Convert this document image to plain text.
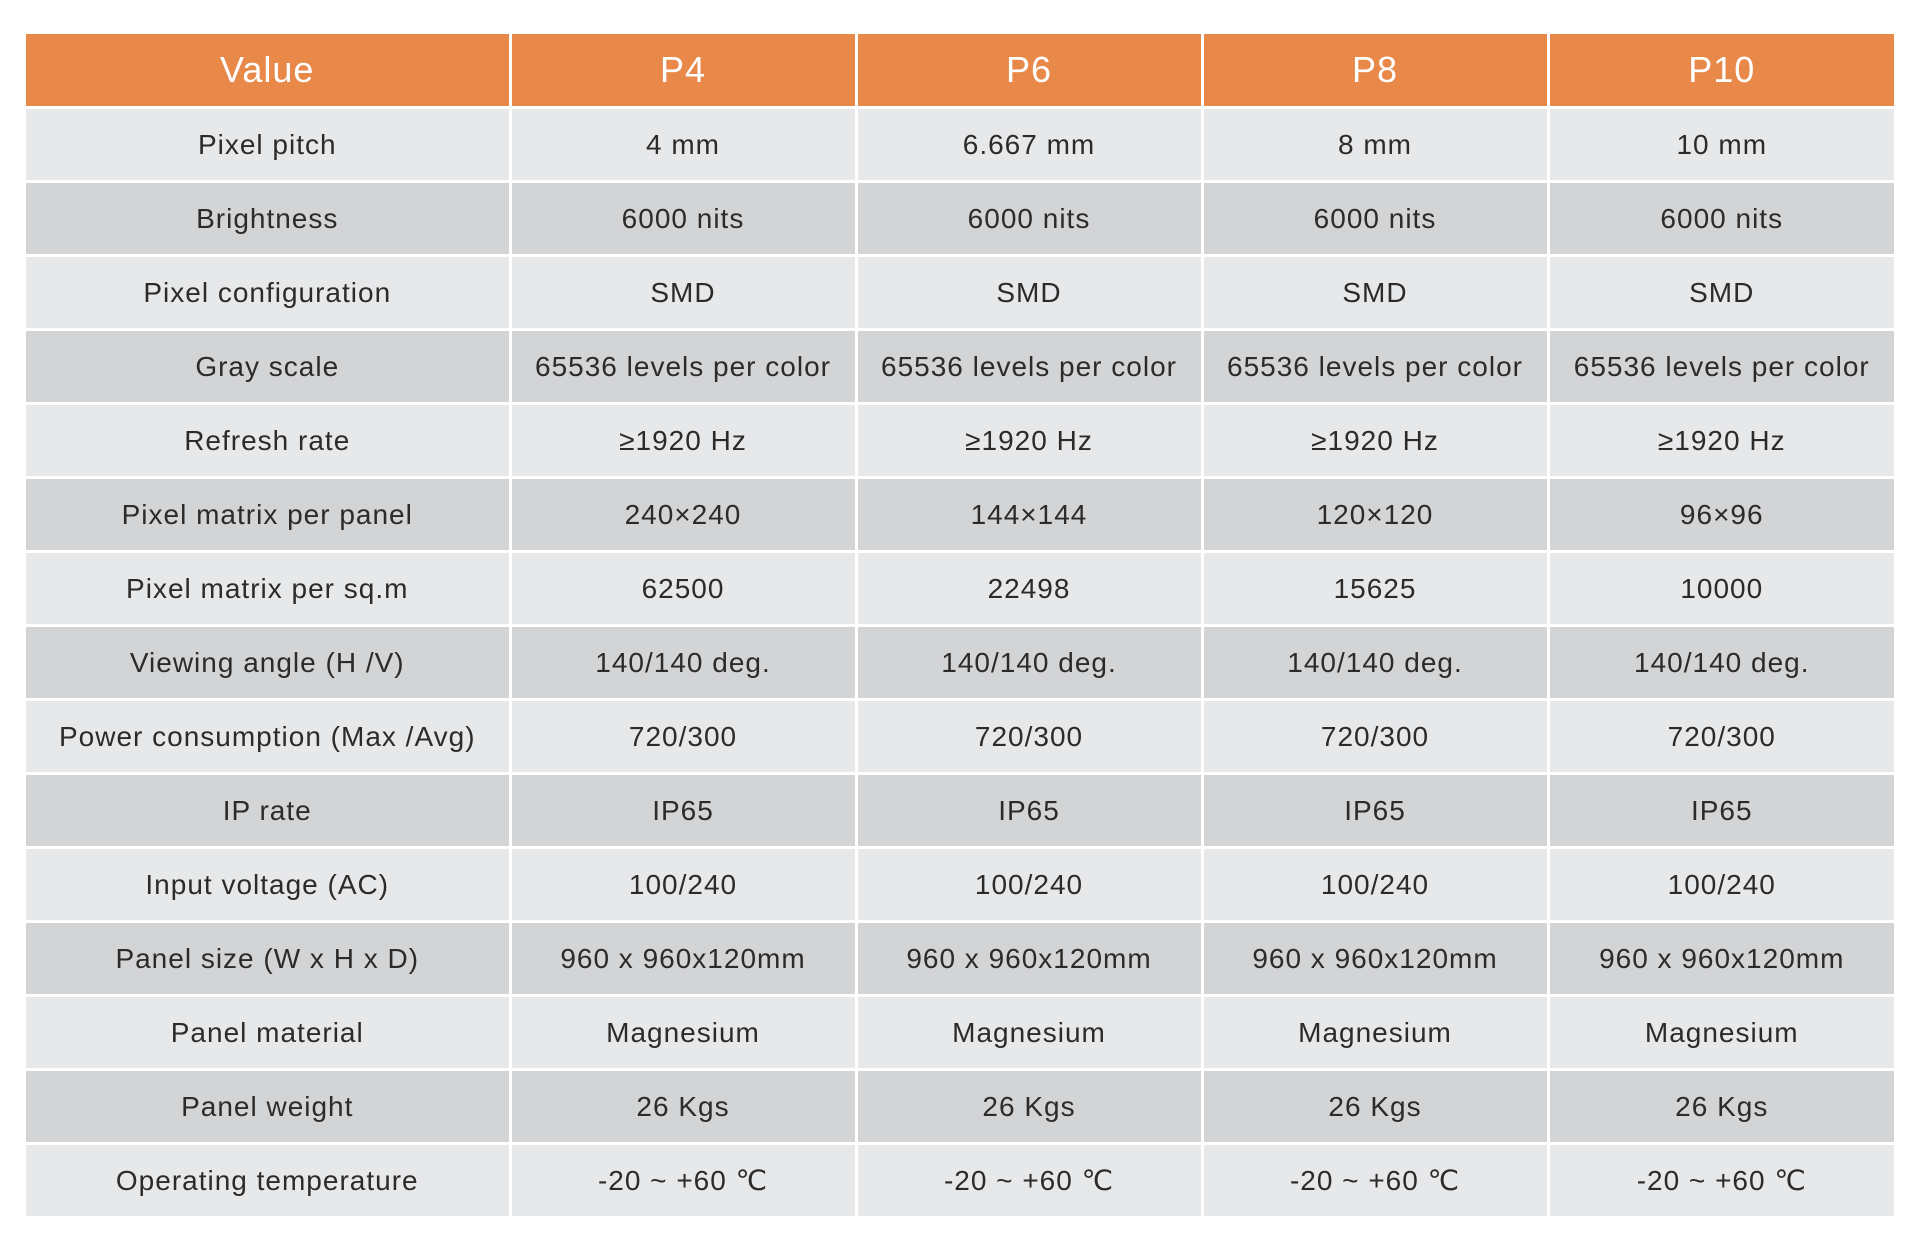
Value	P4	P6	P8	P10
Pixel pitch	4 mm	6.667 mm	8 mm	10 mm
Brightness	6000 nits	6000 nits	6000 nits	6000 nits
Pixel configuration	SMD	SMD	SMD	SMD
Gray scale	65536 levels per color	65536 levels per color	65536 levels per color	65536 levels per color
Refresh rate	≥1920 Hz	≥1920 Hz	≥1920 Hz	≥1920 Hz
Pixel matrix per panel	240×240	144×144	120×120	96×96
Pixel matrix per sq.m	62500	22498	15625	10000
Viewing angle (H /V)	140/140 deg.	140/140 deg.	140/140 deg.	140/140 deg.
Power consumption (Max /Avg)	720/300	720/300	720/300	720/300
IP rate	IP65	IP65	IP65	IP65
Input voltage (AC)	100/240	100/240	100/240	100/240
Panel size (W x H x D)	960 x 960x120mm	960 x 960x120mm	960 x 960x120mm	960 x 960x120mm
Panel material	Magnesium	Magnesium	Magnesium	Magnesium
Panel weight	26 Kgs	26 Kgs	26 Kgs	26 Kgs
Operating temperature	-20 ~ +60 ℃	-20 ~ +60 ℃	-20 ~ +60 ℃	-20 ~ +60 ℃
